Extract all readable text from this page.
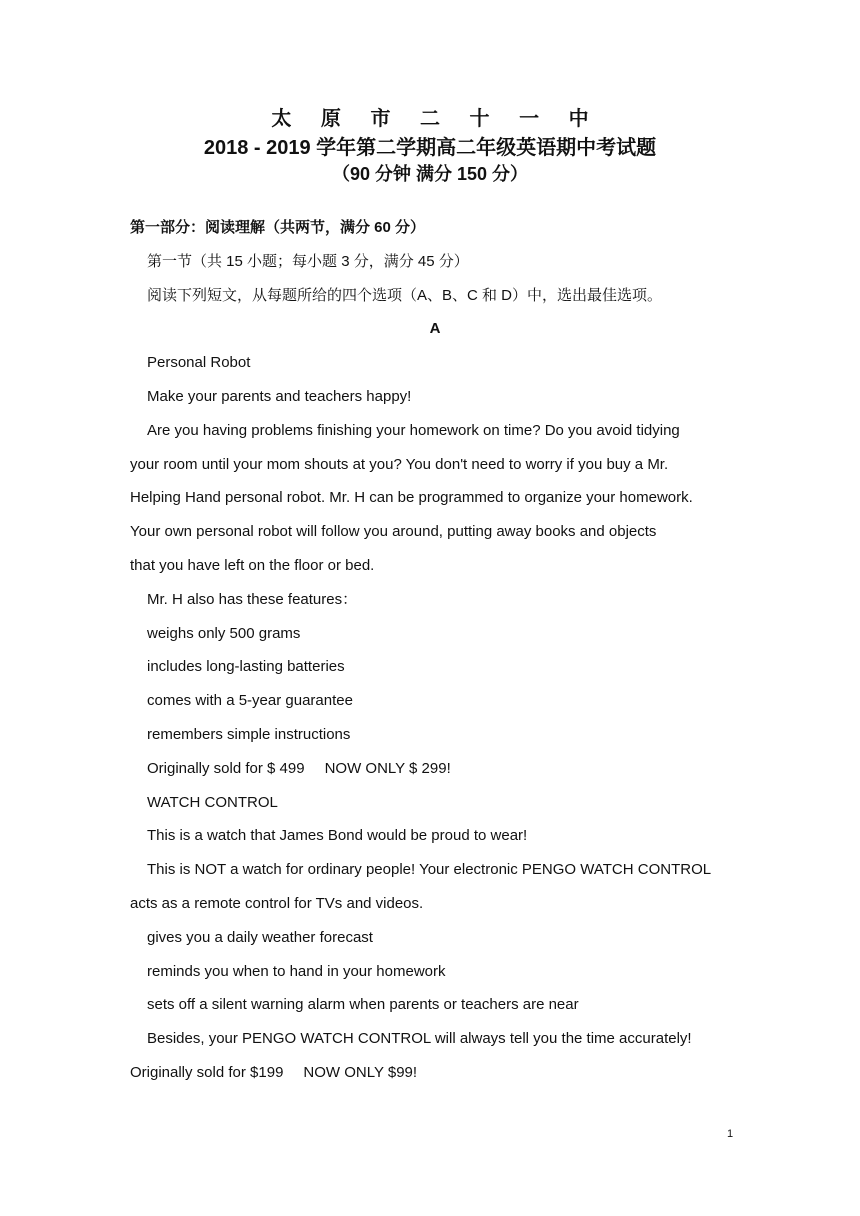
太 原 市 二 十 一 中
2018 - 2019 学年第二学期高二年级英语期中考试题
（90 分钟 满分 150 分）
第一部分：阅读理解（共两节，满分 60 分）
第一节（共 15 小题；每小题 3 分，满分 45 分）
阅读下列短文，从每题所给的四个选项（A、B、C 和 D）中，选出最佳选项。
A
Personal Robot
Make your parents and teachers happy!
Are you having problems finishing your homework on time? Do you avoid tidying
your room until your mom shouts at you? You don't need to worry if you buy a Mr.
Helping Hand personal robot. Mr. H can be programmed to organize your homework.
Your own personal robot will follow you around, putting away books and objects
that you have left on the floor or bed.
Mr. H also has these features：
weighs only 500 grams
includes long-lasting batteries
comes with a 5-year guarantee
remembers simple instructions
Originally sold for $ 499 NOW ONLY $ 299!
WATCH CONTROL
This is a watch that James Bond would be proud to wear!
This is NOT a watch for ordinary people! Your electronic PENGO WATCH CONTROL
acts as a remote control for TVs and videos.
gives you a daily weather forecast
reminds you when to hand in your homework
sets off a silent warning alarm when parents or teachers are near
Besides, your PENGO WATCH CONTROL will always tell you the time accurately!
Originally sold for $199 NOW ONLY $99!
1
